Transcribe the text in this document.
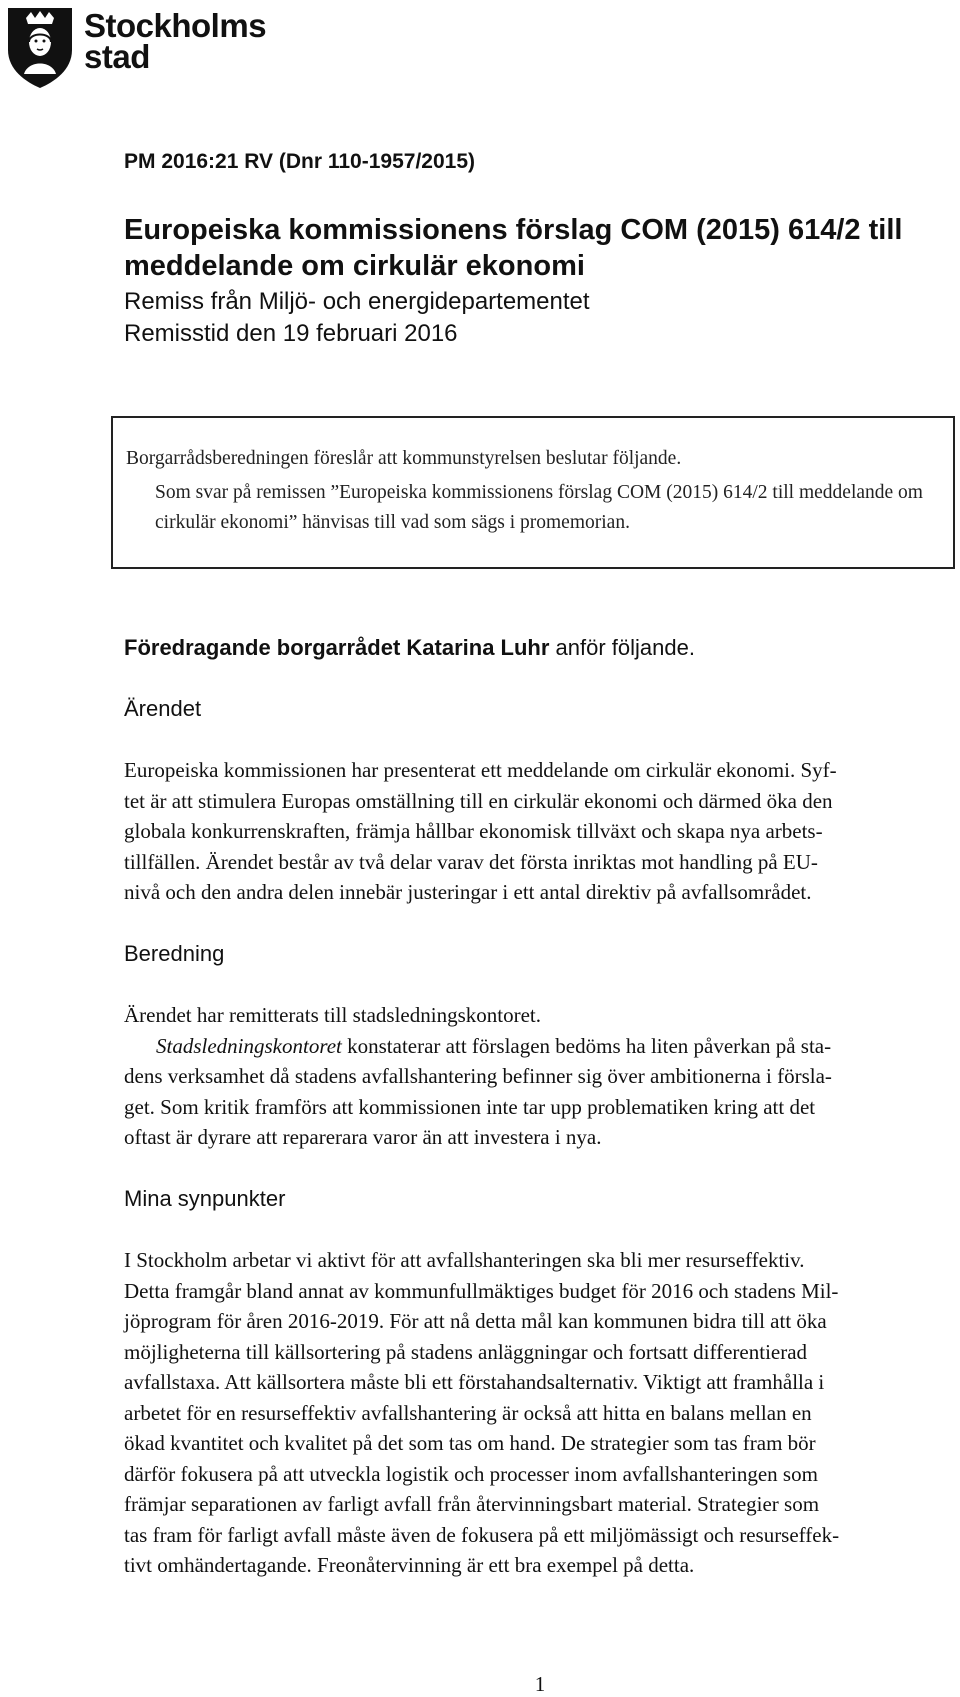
Stockholms
stad
PM 2016:21 RV (Dnr 110-1957/2015)
Europeiska kommissionens förslag COM (2015) 614/2 till meddelande om cirkulär ekonomi
Remiss från Miljö- och energidepartementet
Remisstid den 19 februari 2016
Borgarrådsberedningen föreslår att kommunstyrelsen beslutar följande.
Som svar på remissen ”Europeiska kommissionens förslag COM (2015) 614/2 till meddelande om cirkulär ekonomi” hänvisas till vad som sägs i promemorian.
Föredragande borgarrådet Katarina Luhr anför följande.
Ärendet
Europeiska kommissionen har presenterat ett meddelande om cirkulär ekonomi. Syf-
tet är att stimulera Europas omställning till en cirkulär ekonomi och därmed öka den
globala konkurrenskraften, främja hållbar ekonomisk tillväxt och skapa nya arbets-
tillfällen. Ärendet består av två delar varav det första inriktas mot handling på EU-
nivå och den andra delen innebär justeringar i ett antal direktiv på avfallsområdet.
Beredning
Ärendet har remitterats till stadsledningskontoret.
Stadsledningskontoret konstaterar att förslagen bedöms ha liten påverkan på sta-
dens verksamhet då stadens avfallshantering befinner sig över ambitionerna i försla-
get. Som kritik framförs att kommissionen inte tar upp problematiken kring att det
oftast är dyrare att reparerara varor än att investera i nya.
Mina synpunkter
I Stockholm arbetar vi aktivt för att avfallshanteringen ska bli mer resurseffektiv.
Detta framgår bland annat av kommunfullmäktiges budget för 2016 och stadens Mil-
jöprogram för åren 2016-2019. För att nå detta mål kan kommunen bidra till att öka
möjligheterna till källsortering på stadens anläggningar och fortsatt differentierad
avfallstaxa. Att källsortera måste bli ett förstahandsalternativ. Viktigt att framhålla i
arbetet för en resurseffektiv avfallshantering är också att hitta en balans mellan en
ökad kvantitet och kvalitet på det som tas om hand. De strategier som tas fram bör
därför fokusera på att utveckla logistik och processer inom avfallshanteringen som
främjar separationen av farligt avfall från återvinningsbart material. Strategier som
tas fram för farligt avfall måste även de fokusera på ett miljömässigt och resurseffek-
tivt omhändertagande. Freonåtervinning är ett bra exempel på detta.
1
